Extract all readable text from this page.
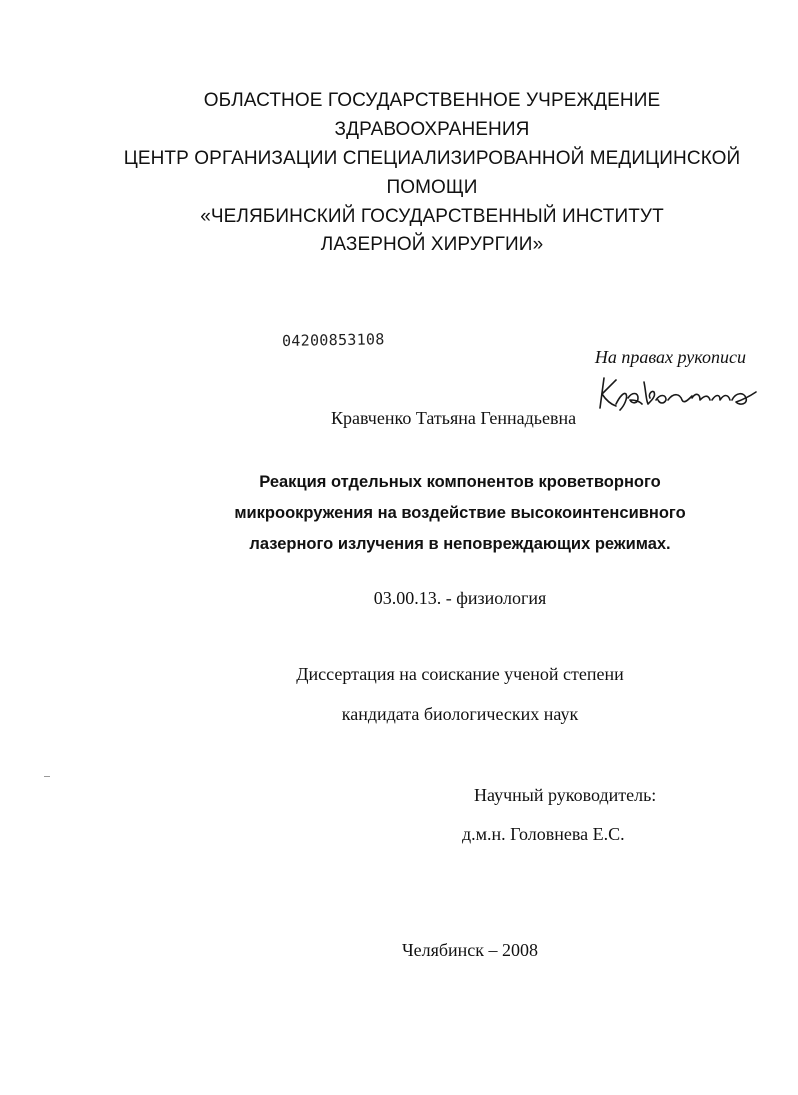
ОБЛАСТНОЕ ГОСУДАРСТВЕННОЕ УЧРЕЖДЕНИЕ
ЗДРАВООХРАНЕНИЯ
ЦЕНТР ОРГАНИЗАЦИИ СПЕЦИАЛИЗИРОВАННОЙ МЕДИЦИНСКОЙ
ПОМОЩИ
«ЧЕЛЯБИНСКИЙ ГОСУДАРСТВЕННЫЙ ИНСТИТУТ
ЛАЗЕРНОЙ ХИРУРГИИ»
04200853108
На правах рукописи
Кравченко Татьяна Геннадьевна
Реакция отдельных компонентов кроветворного
микроокружения на воздействие высокоинтенсивного
лазерного излучения в неповреждающих режимах.
03.00.13. - физиология
Диссертация на соискание ученой степени
кандидата биологических наук
Научный руководитель:
д.м.н. Головнева Е.С.
Челябинск – 2008
